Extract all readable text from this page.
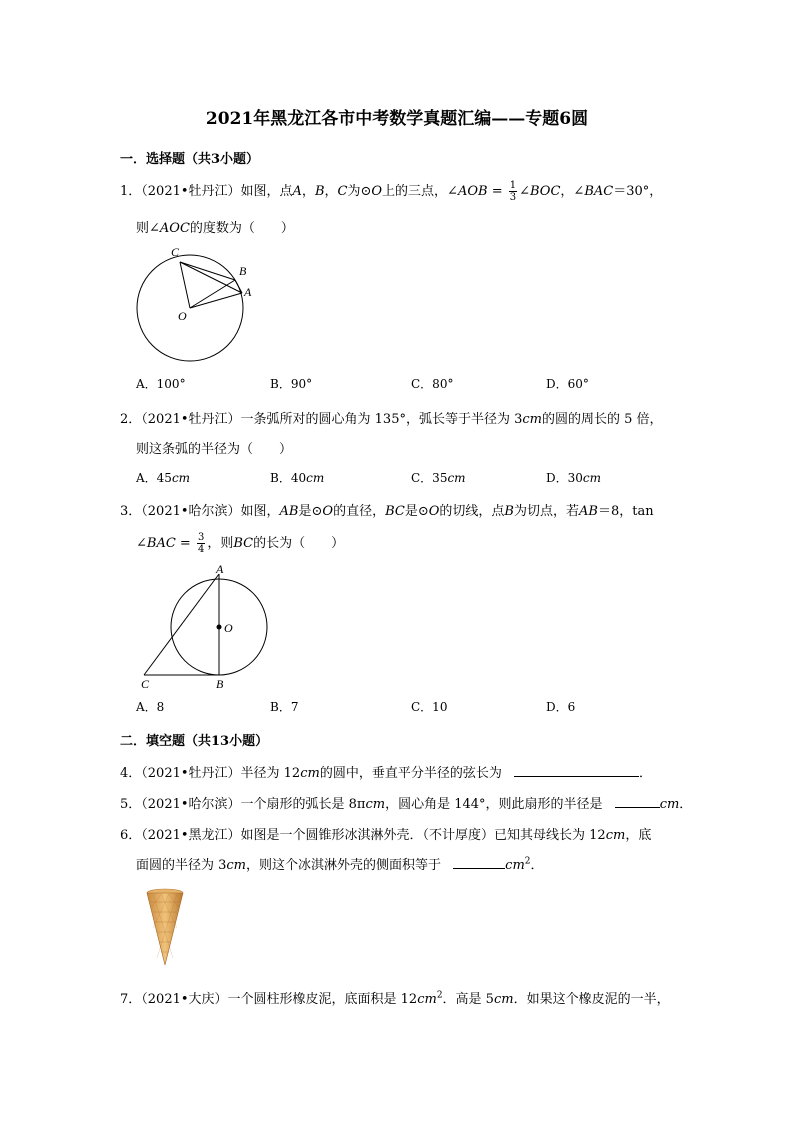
2021年黑龙江各市中考数学真题汇编——专题6圆
一．选择题（共3小题）
1．（2021•牡丹江）如图，点A，B，C为⊙O上的三点，∠AOB = $\frac{1}{3}$ ∠BOC，∠BAC＝30°，
则∠AOC的度数为（　　）
C
B
A
O
A．100°	B．90°	C．80°	D．60°
2．（2021•牡丹江）一条弧所对的圆心角为 135°，弧长等于半径为 3cm的圆的周长的 5 倍，
则这条弧的半径为（　　）
A．45cm	B．40cm	C．35cm	D．30cm
3．（2021•哈尔滨）如图，AB是⊙O的直径，BC是⊙O的切线，点B为切点，若AB＝8，tan
∠BAC = $\frac{3}{4}$ ，则BC的长为（　　）
A
O
C	B
A．8	B．7	C．10	D．6
二．填空题（共13小题）
4．（2021•牡丹江）半径为 12cm的圆中，垂直平分半径的弦长为	．
5．（2021•哈尔滨）一个扇形的弧长是 8πcm，圆心角是 144°，则此扇形的半径是	cm．
6．（2021•黑龙江）如图是一个圆锥形冰淇淋外壳．（不计厚度）已知其母线长为 12cm，底
面圆的半径为 3cm，则这个冰淇淋外壳的侧面积等于	$cm^2$．
7．（2021•大庆）一个圆柱形橡皮泥，底面积是 $12cm^2$．高是 5cm．如果这个橡皮泥的一半，
